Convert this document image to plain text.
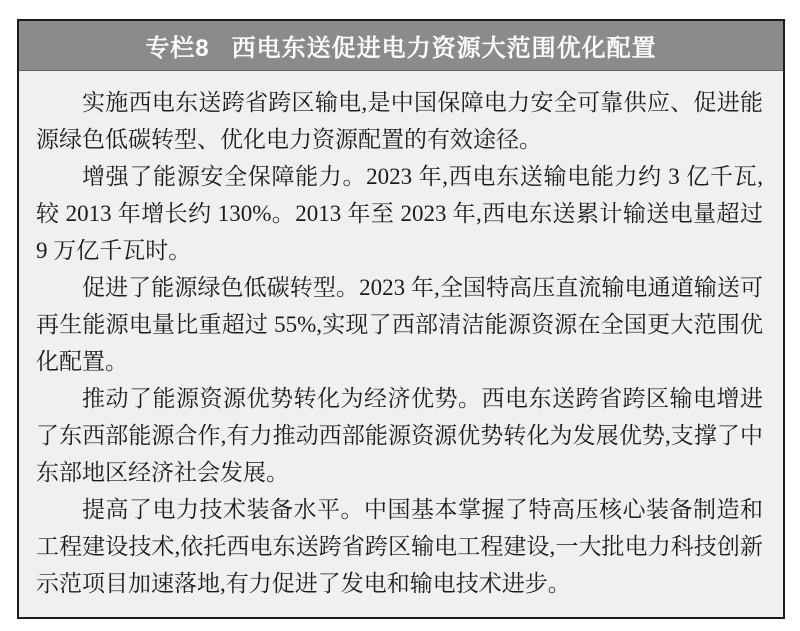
专栏8 西电东送促进电力资源大范围优化配置

实施西电东送跨省跨区输电,是中国保障电力安全可靠供应、促进能源绿色低碳转型、优化电力资源配置的有效途径。

增强了能源安全保障能力。2023 年,西电东送输电能力约 3 亿千瓦,较 2013 年增长约 130%。2013 年至 2023 年,西电东送累计输送电量超过 9 万亿千瓦时。

促进了能源绿色低碳转型。2023 年,全国特高压直流输电通道输送可再生能源电量比重超过 55%,实现了西部清洁能源资源在全国更大范围优化配置。

推动了能源资源优势转化为经济优势。西电东送跨省跨区输电增进了东西部能源合作,有力推动西部能源资源优势转化为发展优势,支撑了中东部地区经济社会发展。

提高了电力技术装备水平。中国基本掌握了特高压核心装备制造和工程建设技术,依托西电东送跨省跨区输电工程建设,一大批电力科技创新示范项目加速落地,有力促进了发电和输电技术进步。
